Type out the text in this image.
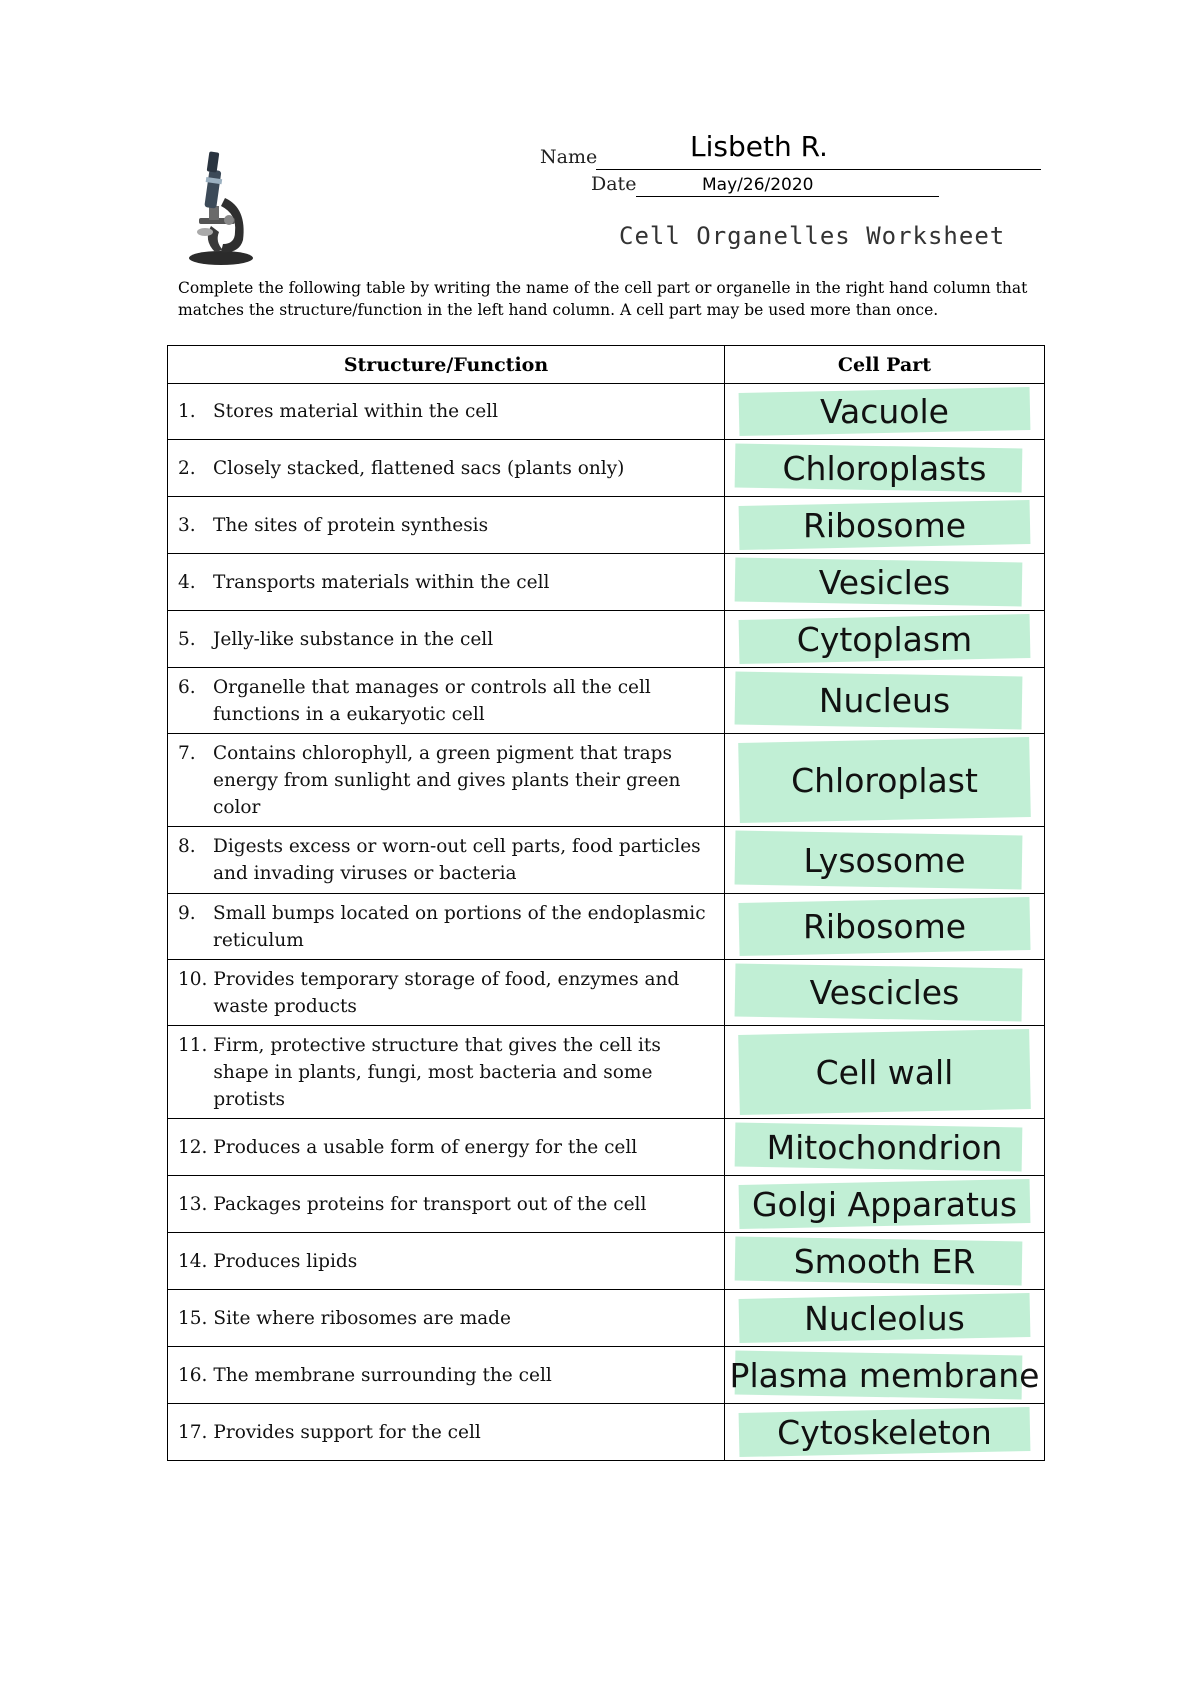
Name	Lisbeth R.
Date	May/26/2020
Cell Organelles Worksheet
Complete the following table by writing the name of the cell part or organelle in the right hand column that matches the structure/function in the left hand column. A cell part may be used more than once.
Structure/Function	Cell Part

1. Stores material within the cell	Vacuole

2. Closely stacked, flattened sacs (plants only)	Chloroplasts

3. The sites of protein synthesis	Ribosome

4. Transports materials within the cell	Vesicles

5. Jelly-like substance in the cell	Cytoplasm

6. Organelle that manages or controls all the cell functions in a eukaryotic cell	Nucleus

7. Contains chlorophyll, a green pigment that traps energy from sunlight and gives plants their green color	Chloroplast

8. Digests excess or worn-out cell parts, food particles and invading viruses or bacteria	Lysosome

9. Small bumps located on portions of the endoplasmic reticulum	Ribosome

10. Provides temporary storage of food, enzymes and waste products	Vescicles

11. Firm, protective structure that gives the cell its shape in plants, fungi, most bacteria and some protists	Cell wall

12. Produces a usable form of energy for the cell	Mitochondrion

13. Packages proteins for transport out of the cell	Golgi Apparatus

14. Produces lipids	Smooth ER

15. Site where ribosomes are made	Nucleolus

16. The membrane surrounding the cell	Plasma membrane

17. Provides support for the cell	Cytoskeleton
